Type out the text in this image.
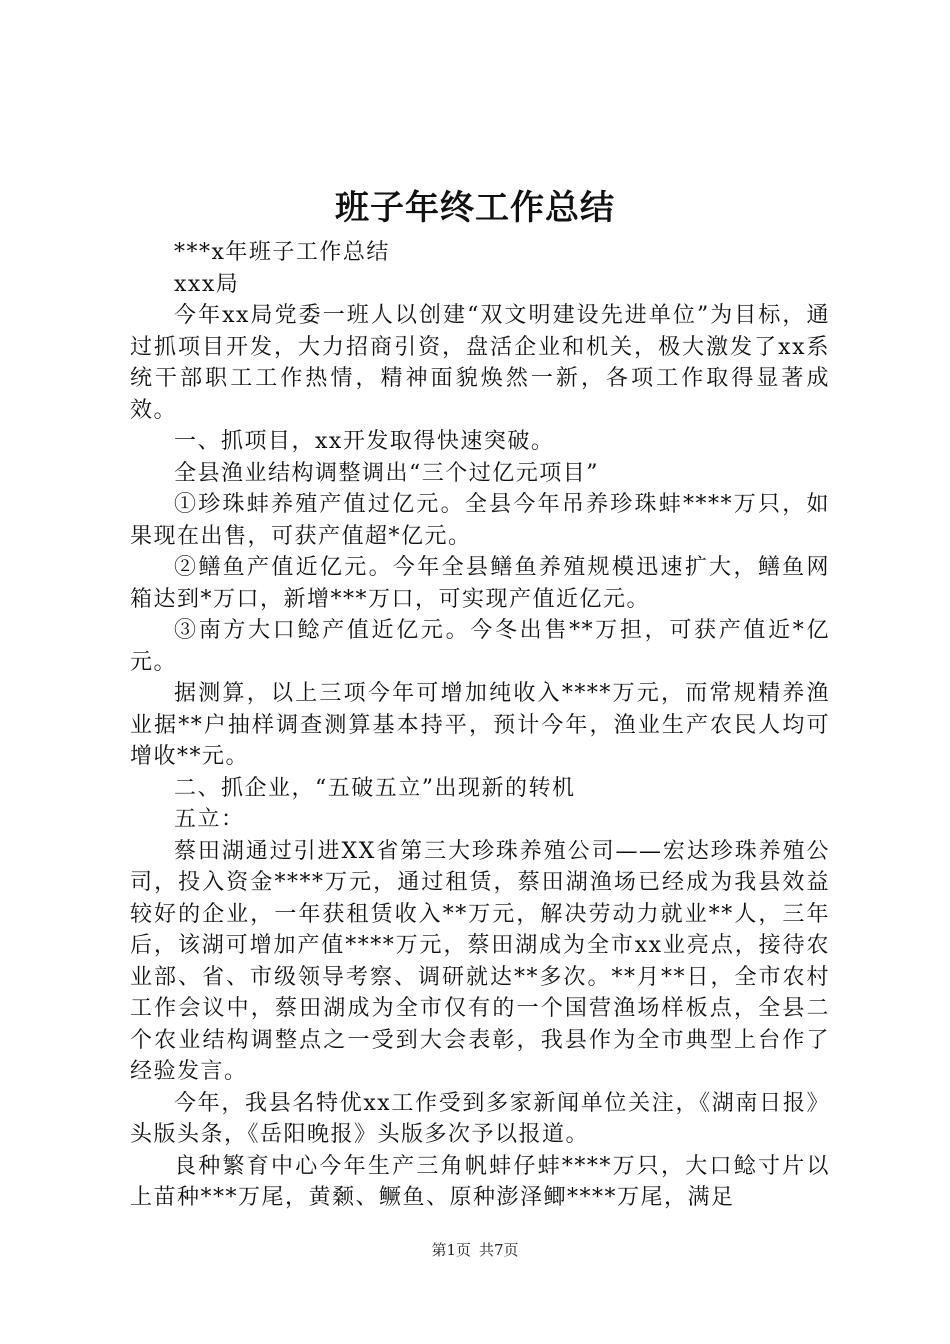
班子年终工作总结

***x年班子工作总结

xxx局

今年xx局党委一班人以创建“双文明建设先进单位”为目标，通过抓项目开发，大力招商引资，盘活企业和机关，极大激发了xx系统干部职工工作热情，精神面貌焕然一新，各项工作取得显著成效。

一、抓项目，xx开发取得快速突破。

全县渔业结构调整调出“三个过亿元项目”

①珍珠蚌养殖产值过亿元。全县今年吊养珍珠蚌****万只，如果现在出售，可获产值超*亿元。

②鳝鱼产值近亿元。今年全县鳝鱼养殖规模迅速扩大，鳝鱼网箱达到*万口，新增***万口，可实现产值近亿元。

③南方大口鲶产值近亿元。今冬出售**万担，可获产值近*亿元。

据测算，以上三项今年可增加纯收入****万元，而常规精养渔业据**户抽样调查测算基本持平，预计今年，渔业生产农民人均可增收**元。

二、抓企业，“五破五立”出现新的转机

五立：

蔡田湖通过引进XX省第三大珍珠养殖公司——宏达珍珠养殖公司，投入资金****万元，通过租赁，蔡田湖渔场已经成为我县效益较好的企业，一年获租赁收入**万元，解决劳动力就业**人，三年后，该湖可增加产值****万元，蔡田湖成为全市xx业亮点，接待农业部、省、市级领导考察、调研就达**多次。**月**日，全市农村工作会议中，蔡田湖成为全市仅有的一个国营渔场样板点，全县二个农业结构调整点之一受到大会表彰，我县作为全市典型上台作了经验发言。

今年，我县名特优xx工作受到多家新闻单位关注，《湖南日报》头版头条，《岳阳晚报》头版多次予以报道。

良种繁育中心今年生产三角帆蚌仔蚌****万只，大口鲶寸片以上苗种***万尾，黄颡、鳜鱼、原种澎泽鲫****万尾，满足

第1页 共7页
